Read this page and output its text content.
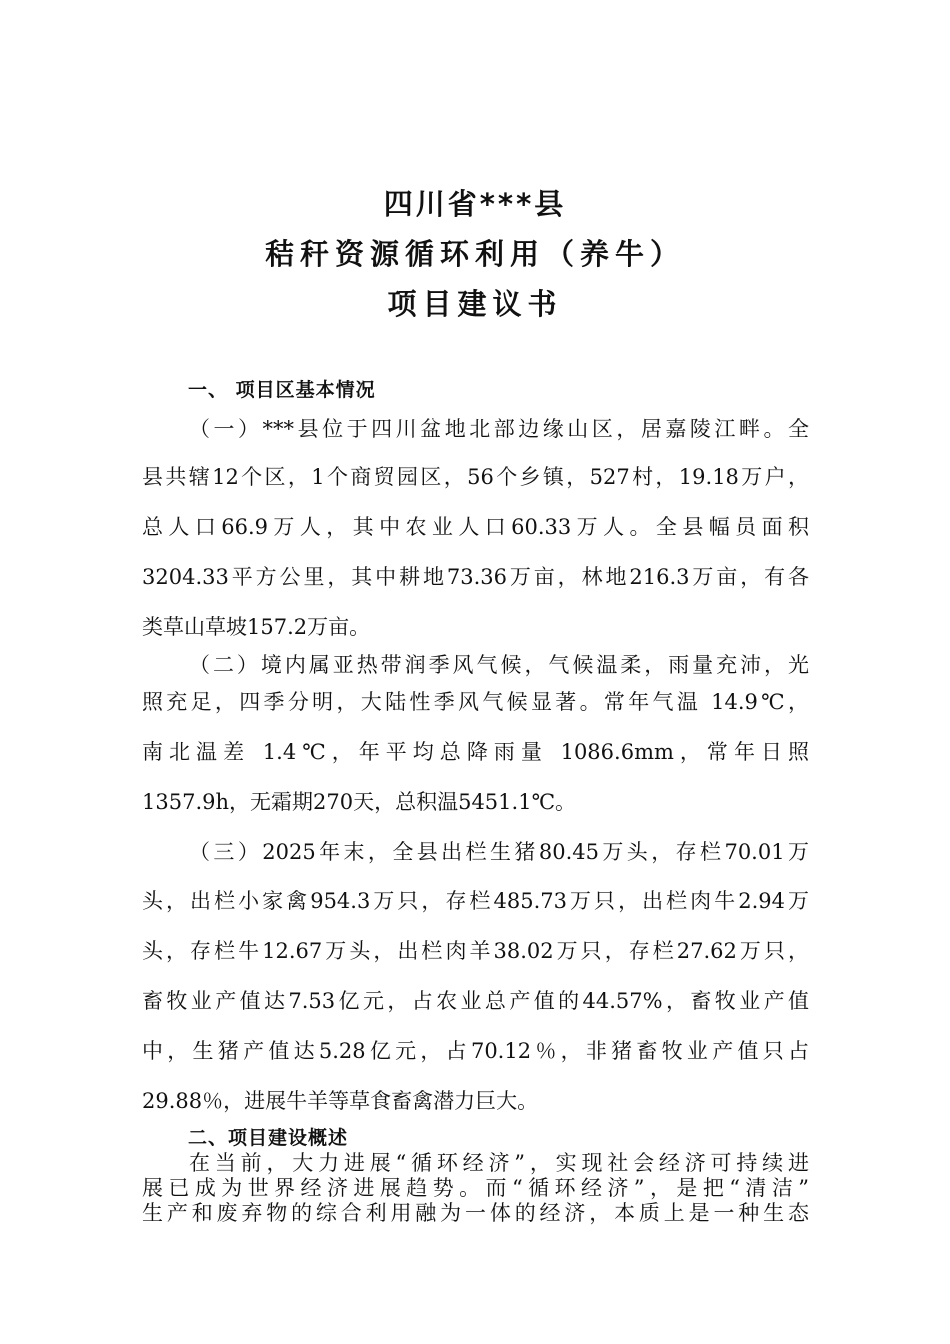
四川省***县
秸秆资源循环利用（养牛）
项目建议书
一、 项目区基本情况
（一）***县位于四川盆地北部边缘山区，居嘉陵江畔。全
县共辖12个区，1个商贸园区，56个乡镇，527村，19.18万户，
总人口66.9万人，其中农业人口60.33万人。全县幅员面积
3204.33平方公里，其中耕地73.36万亩，林地216.3万亩，有各
类草山草坡157.2万亩。
（二）境内属亚热带润季风气候，气候温柔，雨量充沛，光
照充足，四季分明，大陆性季风气候显著。常年气温 14.9℃，
南北温差 1.4℃，年平均总降雨量 1086.6mm，常年日照
1357.9h，无霜期270天，总积温5451.1℃。
（三）2025年末，全县出栏生猪80.45万头，存栏70.01万
头，出栏小家禽954.3万只，存栏485.73万只，出栏肉牛2.94万
头，存栏牛12.67万头，出栏肉羊38.02万只，存栏27.62万只，
畜牧业产值达7.53亿元，占农业总产值的44.57%，畜牧业产值
中，生猪产值达5.28亿元，占70.12％，非猪畜牧业产值只占
29.88％，进展牛羊等草食畜禽潜力巨大。
二、项目建设概述
在当前，大力进展“循环经济”，实现社会经济可持续进
展已成为世界经济进展趋势。而“循环经济”，是把“清洁”
生产和废弃物的综合利用融为一体的经济，本质上是一种生态
